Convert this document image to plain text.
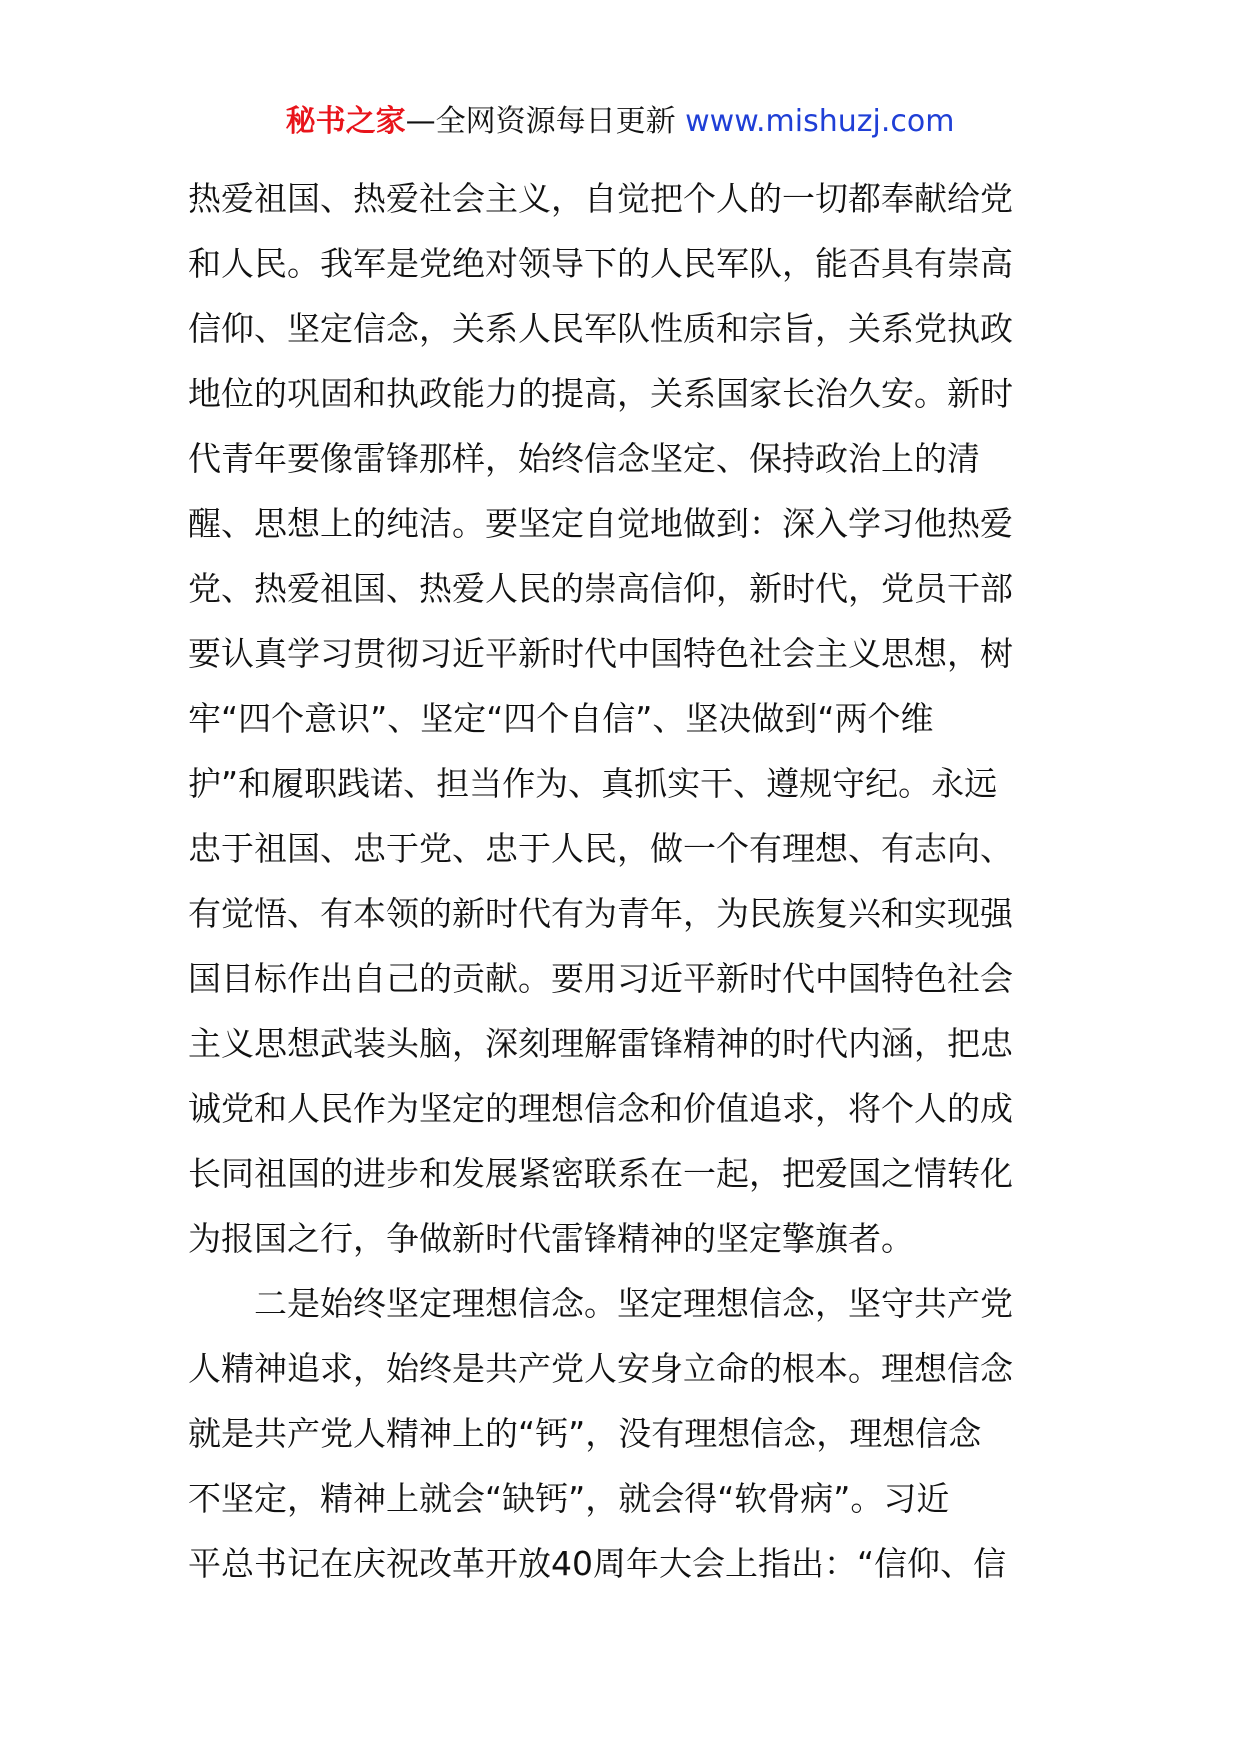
秘书之家—全网资源每日更新 www.mishuzj.com
热爱祖国、热爱社会主义，自觉把个人的一切都奉献给党
和人民。我军是党绝对领导下的人民军队，能否具有崇高
信仰、坚定信念，关系人民军队性质和宗旨，关系党执政
地位的巩固和执政能力的提高，关系国家长治久安。新时
代青年要像雷锋那样，始终信念坚定、保持政治上的清
醒、思想上的纯洁。要坚定自觉地做到：深入学习他热爱
党、热爱祖国、热爱人民的崇高信仰，新时代，党员干部
要认真学习贯彻习近平新时代中国特色社会主义思想，树
牢“四个意识”、坚定“四个自信”、坚决做到“两个维
护”和履职践诺、担当作为、真抓实干、遵规守纪。永远
忠于祖国、忠于党、忠于人民，做一个有理想、有志向、
有觉悟、有本领的新时代有为青年，为民族复兴和实现强
国目标作出自己的贡献。要用习近平新时代中国特色社会
主义思想武装头脑，深刻理解雷锋精神的时代内涵，把忠
诚党和人民作为坚定的理想信念和价值追求，将个人的成
长同祖国的进步和发展紧密联系在一起，把爱国之情转化
为报国之行，争做新时代雷锋精神的坚定擎旗者。
　　二是始终坚定理想信念。坚定理想信念，坚守共产党
人精神追求，始终是共产党人安身立命的根本。理想信念
就是共产党人精神上的“钙”，没有理想信念，理想信念
不坚定，精神上就会“缺钙”，就会得“软骨病”。习近
平总书记在庆祝改革开放40周年大会上指出：“信仰、信
